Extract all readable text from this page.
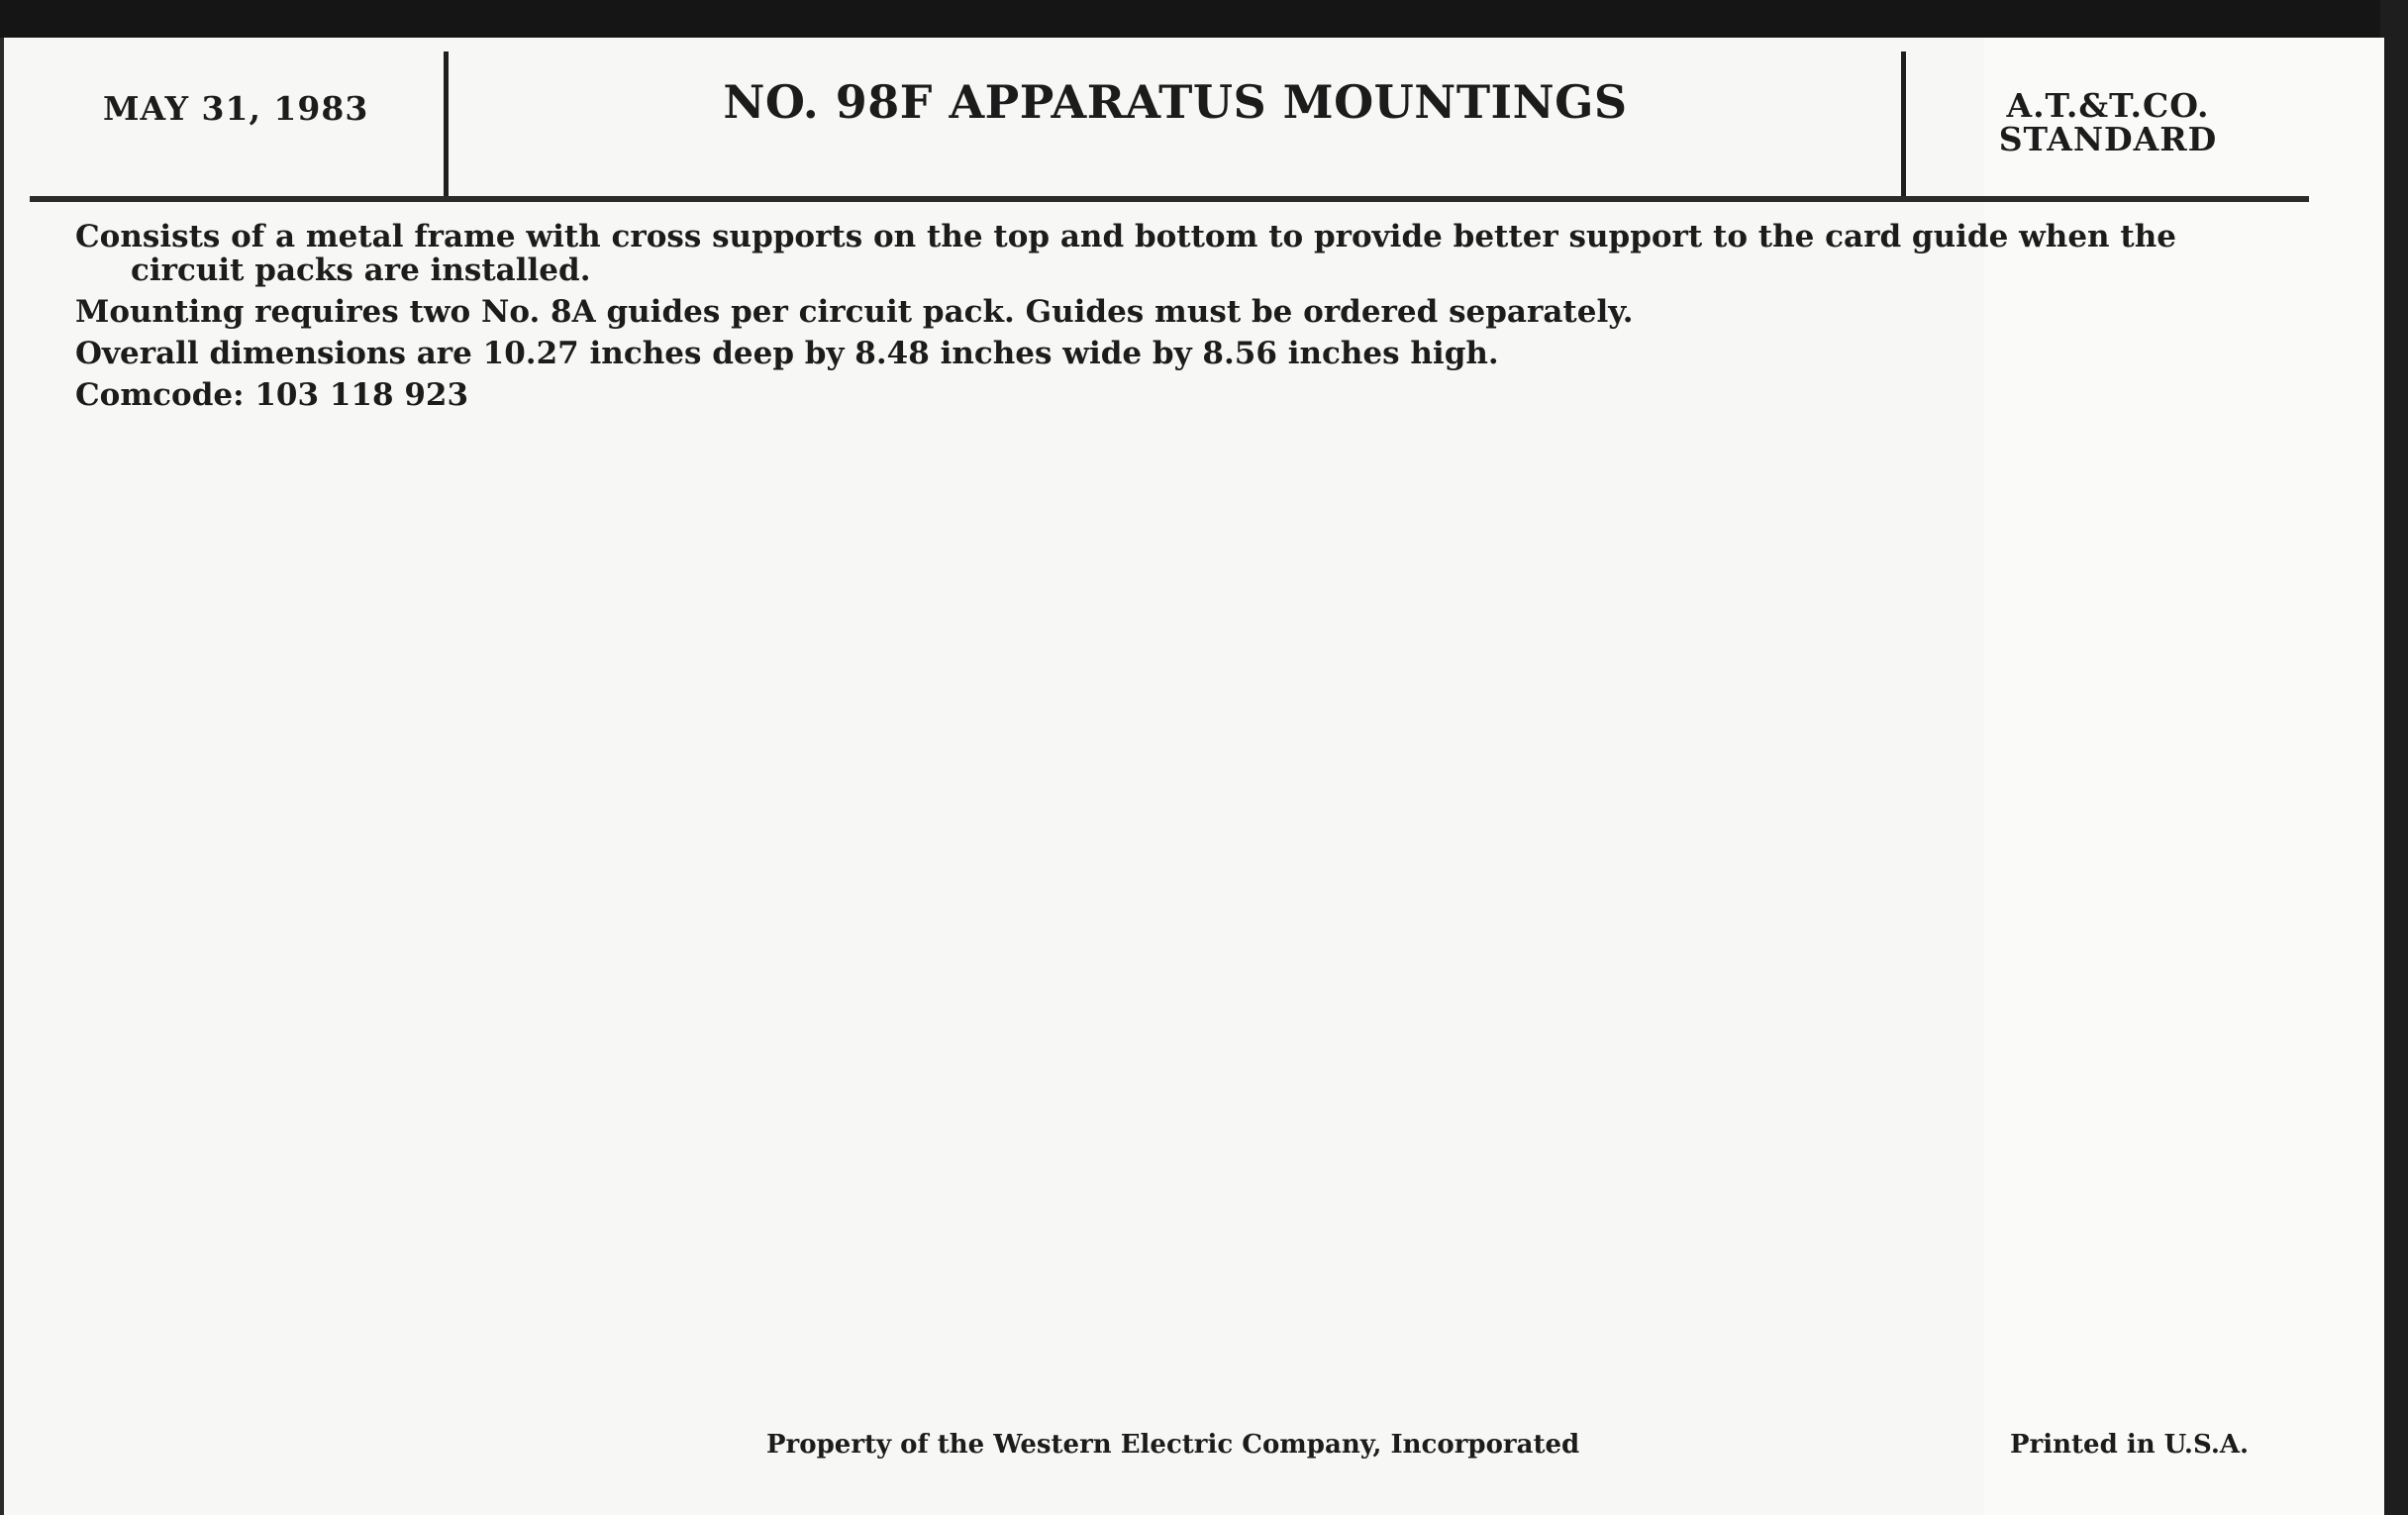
MAY 31, 1983	NO. 98F APPARATUS MOUNTINGS	A.T.&T.CO.
STANDARD

Consists of a metal frame with cross supports on the top and bottom to provide better support to the card guide when the circuit packs are installed.

Mounting requires two No. 8A guides per circuit pack. Guides must be ordered separately.

Overall dimensions are 10.27 inches deep by 8.48 inches wide by 8.56 inches high.

Comcode: 103 118 923

Property of the Western Electric Company, Incorporated	Printed in U.S.A.
